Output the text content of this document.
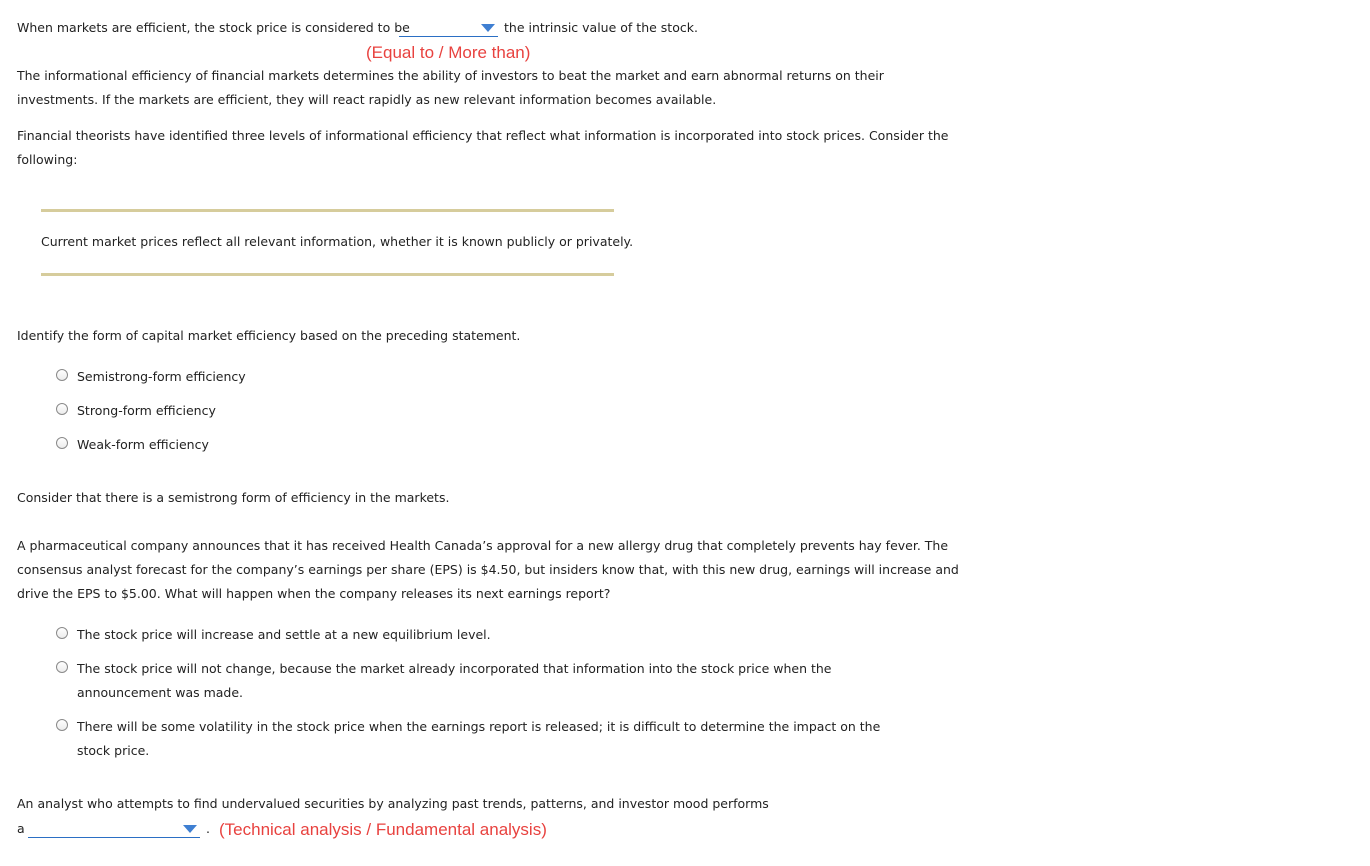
When markets are efficient, the stock price is considered to be	the intrinsic value of the stock.
(Equal to / More than)
The informational efficiency of financial markets determines the ability of investors to beat the market and earn abnormal returns on their
investments. If the markets are efficient, they will react rapidly as new relevant information becomes available.
Financial theorists have identified three levels of informational efficiency that reflect what information is incorporated into stock prices. Consider the
following:
Current market prices reflect all relevant information, whether it is known publicly or privately.
Identify the form of capital market efficiency based on the preceding statement.
Semistrong-form efficiency
Strong-form efficiency
Weak-form efficiency
Consider that there is a semistrong form of efficiency in the markets.
A pharmaceutical company announces that it has received Health Canada’s approval for a new allergy drug that completely prevents hay fever. The
consensus analyst forecast for the company’s earnings per share (EPS) is $4.50, but insiders know that, with this new drug, earnings will increase and
drive the EPS to $5.00. What will happen when the company releases its next earnings report?
The stock price will increase and settle at a new equilibrium level.
The stock price will not change, because the market already incorporated that information into the stock price when the announcement was made.
There will be some volatility in the stock price when the earnings report is released; it is difficult to determine the impact on the stock price.
An analyst who attempts to find undervalued securities by analyzing past trends, patterns, and investor mood performs
a	. (Technical analysis / Fundamental analysis)
